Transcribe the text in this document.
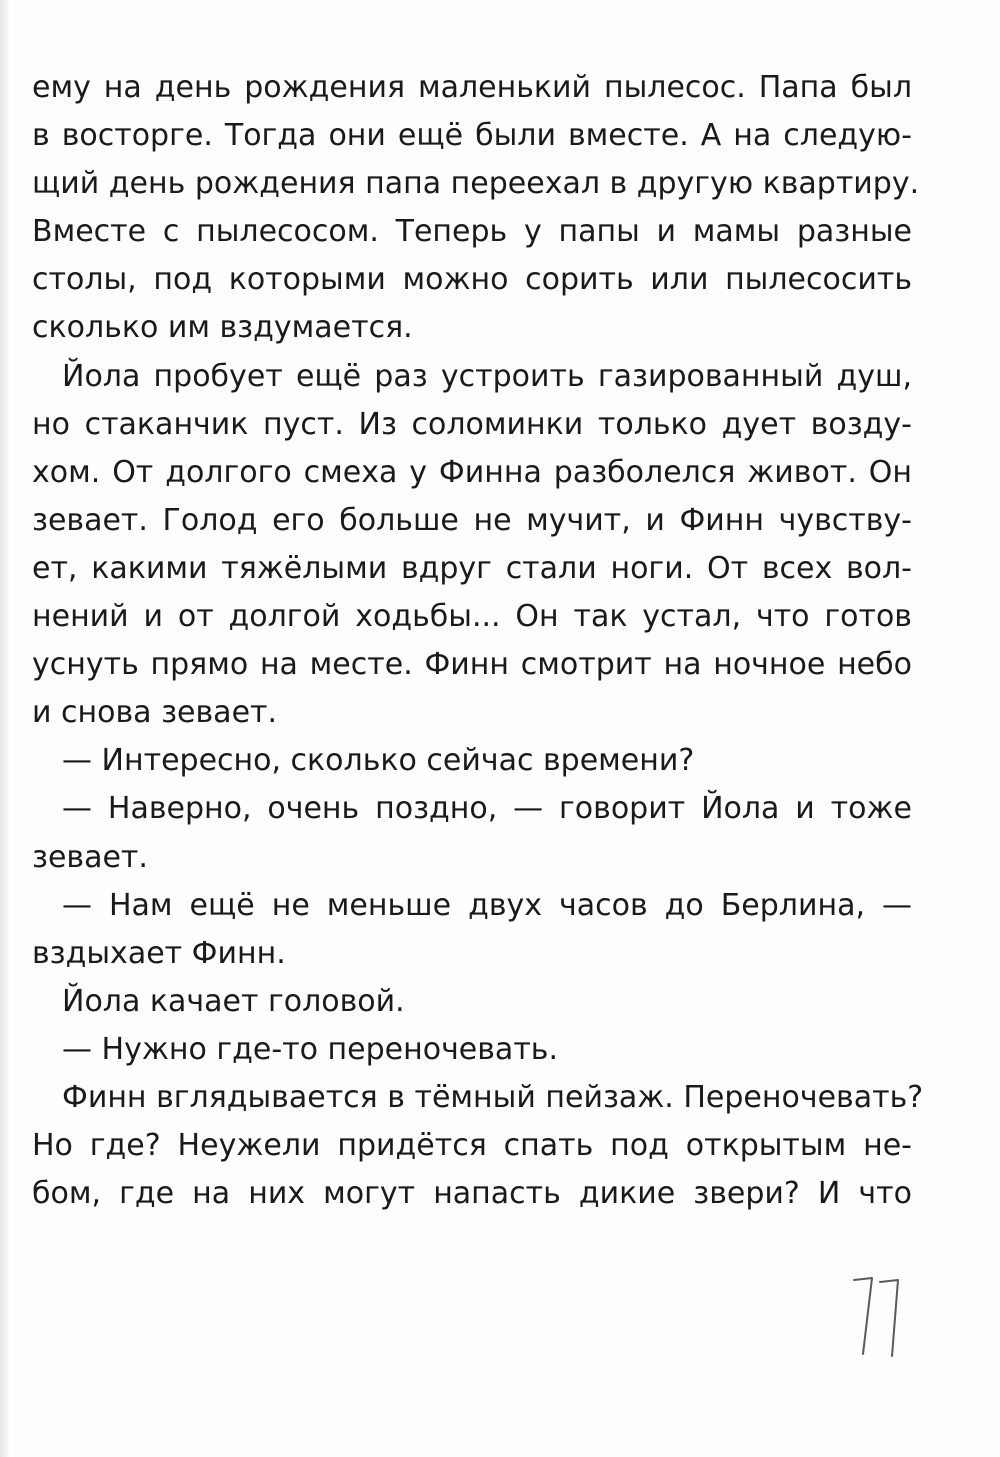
ему на день рождения маленький пылесос. Папа был
в восторге. Тогда они ещё были вместе. А на следую-
щий день рождения папа переехал в другую квартиру.
Вместе с пылесосом. Теперь у папы и мамы разные
столы, под которыми можно сорить или пылесосить
сколько им вздумается.
Йола пробует ещё раз устроить газированный душ,
но стаканчик пуст. Из соломинки только дует возду-
хом. От долгого смеха у Финна разболелся живот. Он
зевает. Голод его больше не мучит, и Финн чувству-
ет, какими тяжёлыми вдруг стали ноги. От всех вол-
нений и от долгой ходьбы... Он так устал, что готов
уснуть прямо на месте. Финн смотрит на ночное небо
и снова зевает.
— Интересно, сколько сейчас времени?
— Наверно, очень поздно, — говорит Йола и тоже
зевает.
— Нам ещё не меньше двух часов до Берлина, —
вздыхает Финн.
Йола качает головой.
— Нужно где-то переночевать.
Финн вглядывается в тёмный пейзаж. Переночевать?
Но где? Неужели придётся спать под открытым не-
бом, где на них могут напасть дикие звери? И что
